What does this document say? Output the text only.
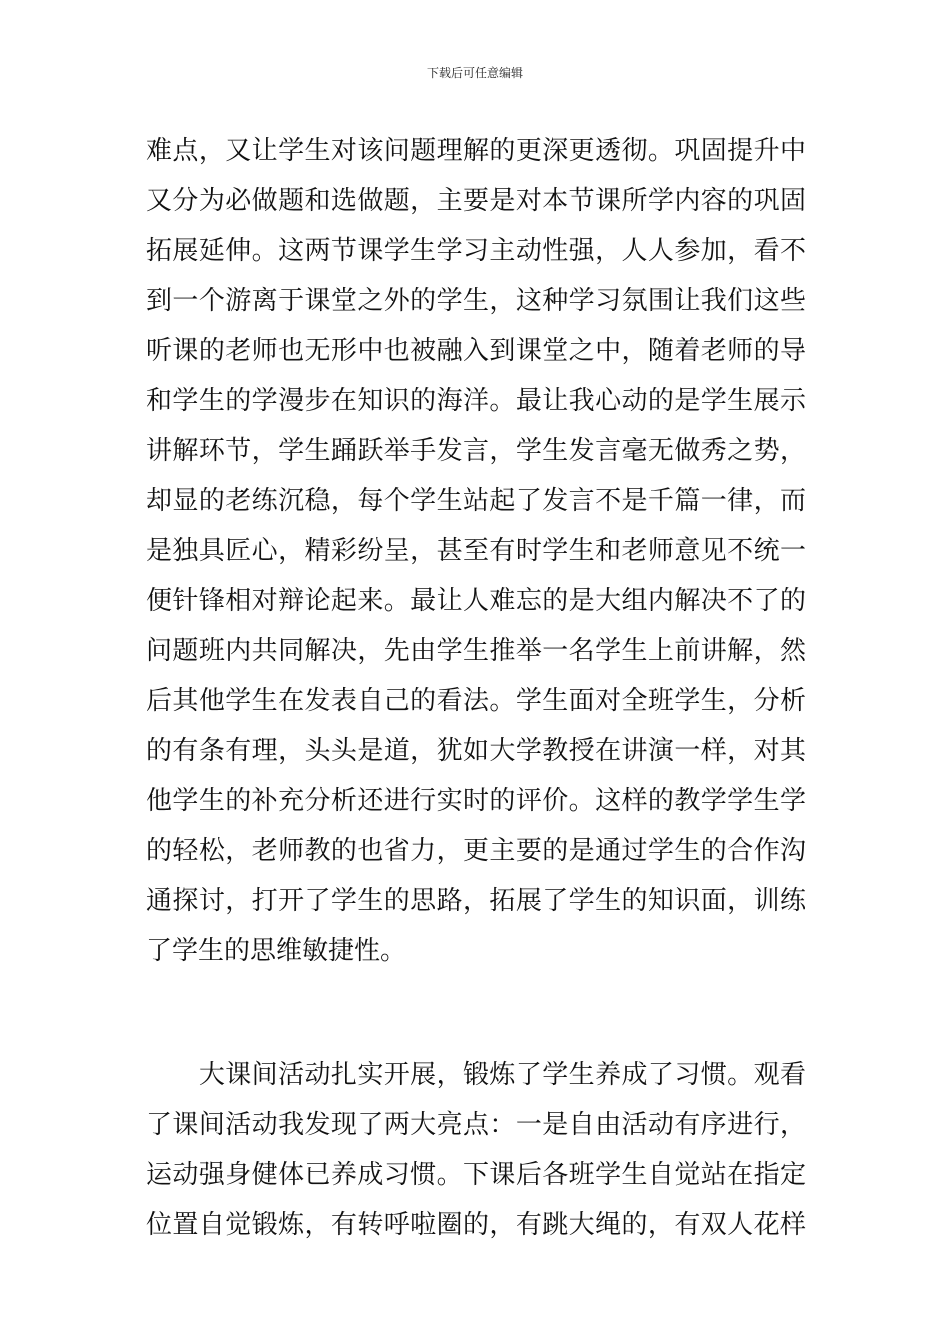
下载后可任意编辑
难点，又让学生对该问题理解的更深更透彻。巩固提升中
又分为必做题和选做题，主要是对本节课所学内容的巩固
拓展延伸。这两节课学生学习主动性强，人人参加，看不
到一个游离于课堂之外的学生，这种学习氛围让我们这些
听课的老师也无形中也被融入到课堂之中，随着老师的导
和学生的学漫步在知识的海洋。最让我心动的是学生展示
讲解环节，学生踊跃举手发言，学生发言毫无做秀之势，
却显的老练沉稳，每个学生站起了发言不是千篇一律，而
是独具匠心，精彩纷呈，甚至有时学生和老师意见不统一
便针锋相对辩论起来。最让人难忘的是大组内解决不了的
问题班内共同解决，先由学生推举一名学生上前讲解，然
后其他学生在发表自己的看法。学生面对全班学生，分析
的有条有理，头头是道，犹如大学教授在讲演一样，对其
他学生的补充分析还进行实时的评价。这样的教学学生学
的轻松，老师教的也省力，更主要的是通过学生的合作沟
通探讨，打开了学生的思路，拓展了学生的知识面，训练
了学生的思维敏捷性。
　　大课间活动扎实开展，锻炼了学生养成了习惯。观看
了课间活动我发现了两大亮点：一是自由活动有序进行，
运动强身健体已养成习惯。下课后各班学生自觉站在指定
位置自觉锻炼，有转呼啦圈的，有跳大绳的，有双人花样
